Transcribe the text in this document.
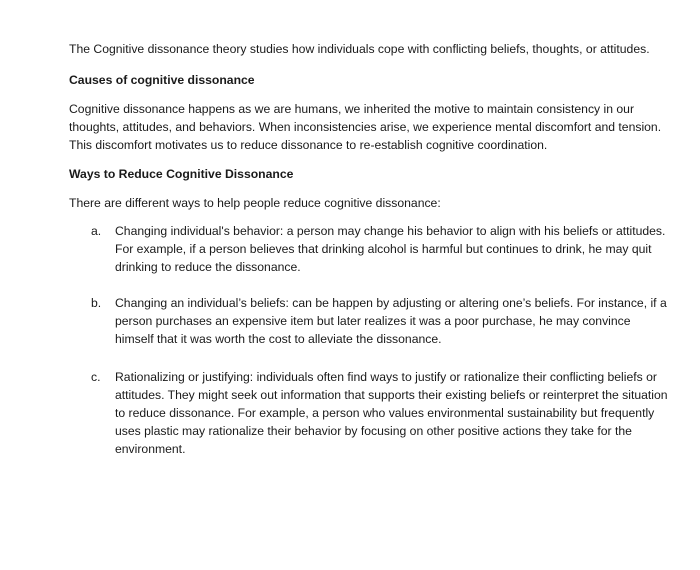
The Cognitive dissonance theory studies how individuals cope with conflicting beliefs, thoughts, or attitudes.

Causes of cognitive dissonance

Cognitive dissonance happens as we are humans, we inherited the motive to maintain consistency in our thoughts, attitudes, and behaviors. When inconsistencies arise, we experience mental discomfort and tension. This discomfort motivates us to reduce dissonance to re-establish cognitive coordination.

Ways to Reduce Cognitive Dissonance

There are different ways to help people reduce cognitive dissonance:

a. Changing individual's behavior: a person may change his behavior to align with his beliefs or attitudes. For example, if a person believes that drinking alcohol is harmful but continues to drink, he may quit drinking to reduce the dissonance.
b. Changing an individual’s beliefs: can be happen by adjusting or altering one’s beliefs. For instance, if a person purchases an expensive item but later realizes it was a poor purchase, he may convince himself that it was worth the cost to alleviate the dissonance.
c. Rationalizing or justifying: individuals often find ways to justify or rationalize their conflicting beliefs or attitudes. They might seek out information that supports their existing beliefs or reinterpret the situation to reduce dissonance. For example, a person who values environmental sustainability but frequently uses plastic may rationalize their behavior by focusing on other positive actions they take for the environment.
